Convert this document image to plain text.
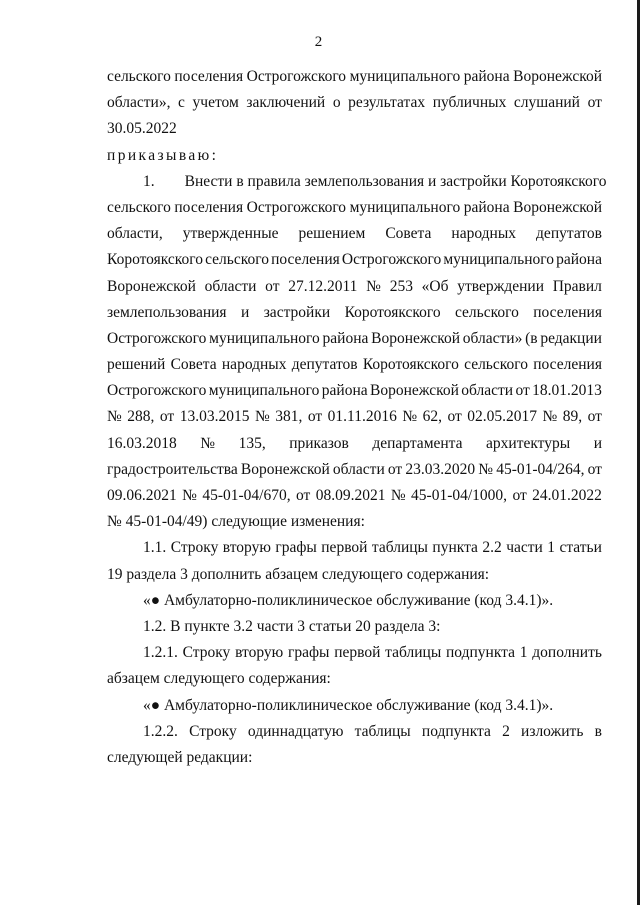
2
сельского поселения Острогожского муниципального района Воронежской
области», с учетом заключений о результатах публичных слушаний от
30.05.2022
приказываю:
1. Внести в правила землепользования и застройки Коротоякского
сельского поселения Острогожского муниципального района Воронежской
области, утвержденные решением Совета народных депутатов
Коротоякского сельского поселения Острогожского муниципального района
Воронежской области от 27.12.2011 № 253 «Об утверждении Правил
землепользования и застройки Коротоякского сельского поселения
Острогожского муниципального района Воронежской области» (в редакции
решений Совета народных депутатов Коротоякского сельского поселения
Острогожского муниципального района Воронежской области от 18.01.2013
№ 288, от 13.03.2015 № 381, от 01.11.2016 № 62, от 02.05.2017 № 89, от
16.03.2018 № 135, приказов департамента архитектуры и
градостроительства Воронежской области от 23.03.2020 № 45-01-04/264, от
09.06.2021 № 45-01-04/670, от 08.09.2021 № 45-01-04/1000, от 24.01.2022
№ 45-01-04/49) следующие изменения:
1.1. Строку вторую графы первой таблицы пункта 2.2 части 1 статьи
19 раздела 3 дополнить абзацем следующего содержания:
«● Амбулаторно-поликлиническое обслуживание (код 3.4.1)».
1.2. В пункте 3.2 части 3 статьи 20 раздела 3:
1.2.1. Строку вторую графы первой таблицы подпункта 1 дополнить
абзацем следующего содержания:
«● Амбулаторно-поликлиническое обслуживание (код 3.4.1)».
1.2.2. Строку одиннадцатую таблицы подпункта 2 изложить в
следующей редакции:
